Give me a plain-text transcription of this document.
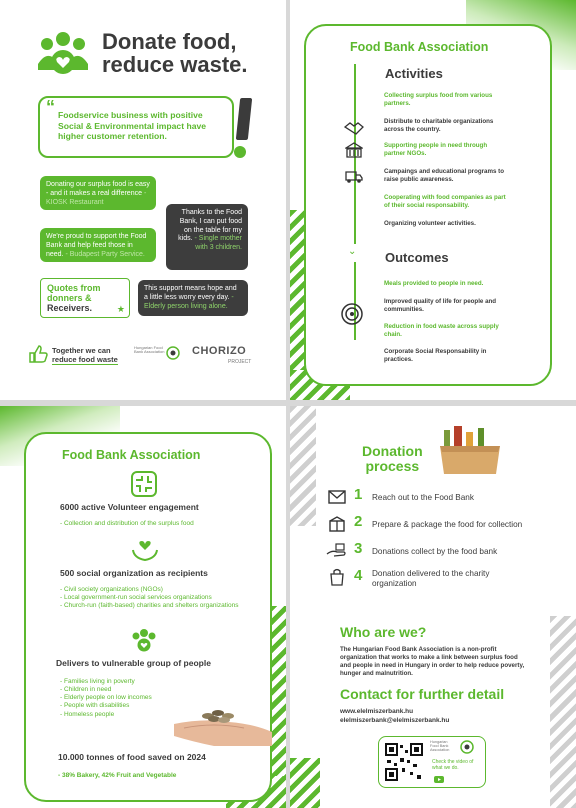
Donate food,
reduce waste.
“ Foodservice business with positive Social & Environmental impact have higher customer retention.
Donating our surplus food is easy - and it makes a real difference - KIOSK Restaurant
We're proud to support the Food Bank and help feed those in need. - Budapest Party Service.
Thanks to the Food Bank, I can put food on the table for my kids. - Single mother with 3 children.
This support means hope and a little less worry every day. - Elderly person living alone.
Quotes from
donners &
Receivers.	★
Together we can
reduce food waste
Hungarian Food Bank Association	CHORIZO
PROJECT
Food Bank Association
Activities
Collecting surplus food from various partners.
Distribute to charitable organizations across the country.
Supporting people in need through partner NGOs.
Campaings and educational programs to raise public awareness.
Cooperating with food companies as part of their social responsability.
Organizing volunteer activities.
⌄ Outcomes
Meals provided to people in need.
Improved quality of life for people and communities.
Reduction in food waste across supply chain.
Corporate Social Responsability in practices.
Food Bank Association
6000 active Volunteer engagement
- Collection and distribution of the surplus food
500 social organization as recipients
- Civil society organizations (NGOs)
- Local government-run social services organizations
- Church-run (faith-based) charities and shelters organizations
Delivers to vulnerable group of people
- Families living in poverty
- Children in need
- Elderly people on low incomes
- People with disabilities
- Homeless people
10.000 tonnes of food saved on 2024
- 38% Bakery, 42% Fruit and Vegetable
Donation
process
1 Reach out to the Food Bank
2 Prepare & package the food for collection
3 Donations collect by the food bank
4 Donation delivered to the charity organization
Who are we?
The Hungarian Food Bank Association is a non-profit organization that works to make a link between surplus food and people in need in Hungary in order to help reduce poverty, hunger and malnutrition.
Contact for further detail
www.elelmiszerbank.hu
elelmiszerbank@elelmiszerbank.hu
Hungarian Food Bank Association
Check the video of what we do.
